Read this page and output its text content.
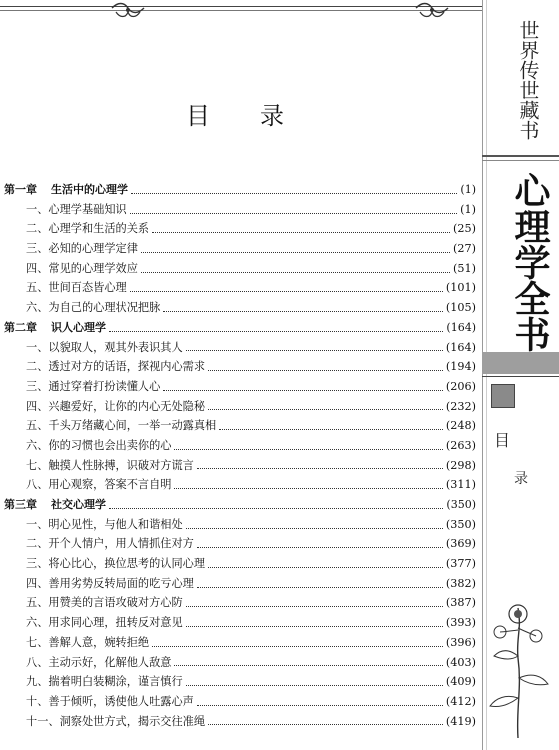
世界传世藏书
心理学全书
目
录
目录
第一章 生活中的心理学	(1)
一、心理学基础知识	(1)
二、心理学和生活的关系	(25)
三、必知的心理学定律	(27)
四、常见的心理学效应	(51)
五、世间百态皆心理	(101)
六、为自己的心理状况把脉	(105)
第二章 识人心理学	(164)
一、以貌取人，观其外表识其人	(164)
二、透过对方的话语，探视内心需求	(194)
三、通过穿着打扮读懂人心	(206)
四、兴趣爱好，让你的内心无处隐秘	(232)
五、千头万绪藏心间，一举一动露真相	(248)
六、你的习惯也会出卖你的心	(263)
七、触摸人性脉搏，识破对方谎言	(298)
八、用心观察，答案不言自明	(311)
第三章 社交心理学	(350)
一、明心见性，与他人和谐相处	(350)
二、开个人情户，用人情抓住对方	(369)
三、将心比心，换位思考的认同心理	(377)
四、善用劣势反转局面的吃亏心理	(382)
五、用赞美的言语攻破对方心防	(387)
六、用求同心理，扭转反对意见	(393)
七、善解人意，婉转拒绝	(396)
八、主动示好，化解他人敌意	(403)
九、揣着明白装糊涂，谨言慎行	(409)
十、善于倾听，诱使他人吐露心声	(412)
十一、洞察处世方式，揭示交往准绳	(419)
